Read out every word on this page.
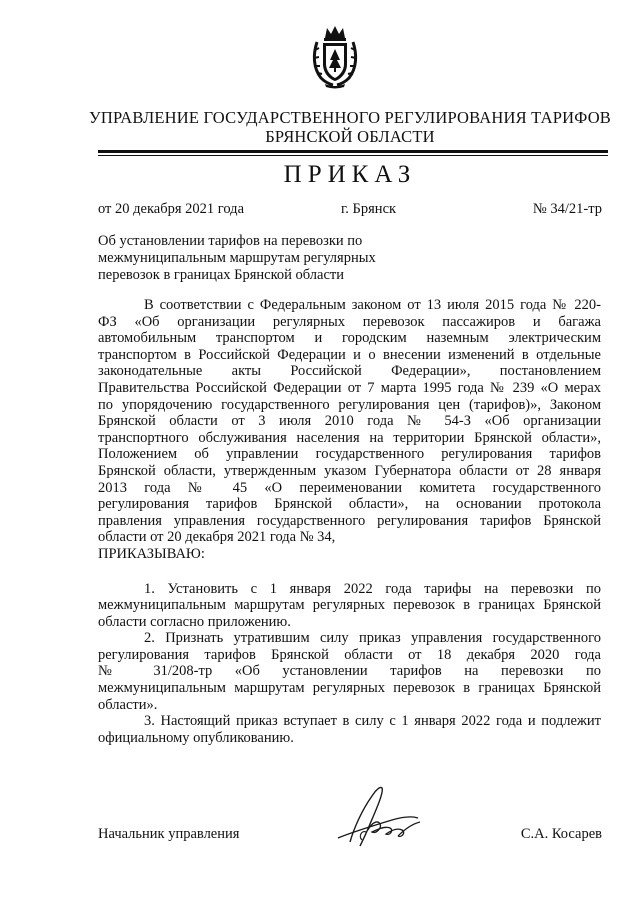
УПРАВЛЕНИЕ ГОСУДАРСТВЕННОГО РЕГУЛИРОВАНИЯ ТАРИФОВ
БРЯНСКОЙ ОБЛАСТИ
ПРИКАЗ
от 20 декабря 2021 года	г. Брянск	№ 34/21-тр
Об установлении тарифов на перевозки по
межмуниципальным маршрутам регулярных
перевозок в границах Брянской области
В соответствии с Федеральным законом от 13 июля 2015 года № 220-
ФЗ «Об организации регулярных перевозок пассажиров и багажа
автомобильным транспортом и городским наземным электрическим
транспортом в Российской Федерации и о внесении изменений в отдельные
законодательные акты Российской Федерации», постановлением
Правительства Российской Федерации от 7 марта 1995 года № 239 «О мерах
по упорядочению государственного регулирования цен (тарифов)», Законом
Брянской области от 3 июля 2010 года № 54-З «Об организации
транспортного обслуживания населения на территории Брянской области»,
Положением об управлении государственного регулирования тарифов
Брянской области, утвержденным указом Губернатора области от 28 января
2013 года № 45 «О переименовании комитета государственного
регулирования тарифов Брянской области», на основании протокола
правления управления государственного регулирования тарифов Брянской
области от 20 декабря 2021 года № 34,
ПРИКАЗЫВАЮ:
1. Установить с 1 января 2022 года тарифы на перевозки по
межмуниципальным маршрутам регулярных перевозок в границах Брянской
области согласно приложению.
2. Признать утратившим силу приказ управления государственного
регулирования тарифов Брянской области от 18 декабря 2020 года
№ 31/208-тр «Об установлении тарифов на перевозки по
межмуниципальным маршрутам регулярных перевозок в границах Брянской
области».
3. Настоящий приказ вступает в силу с 1 января 2022 года и подлежит
официальному опубликованию.
Начальник управления	С.А. Косарев
